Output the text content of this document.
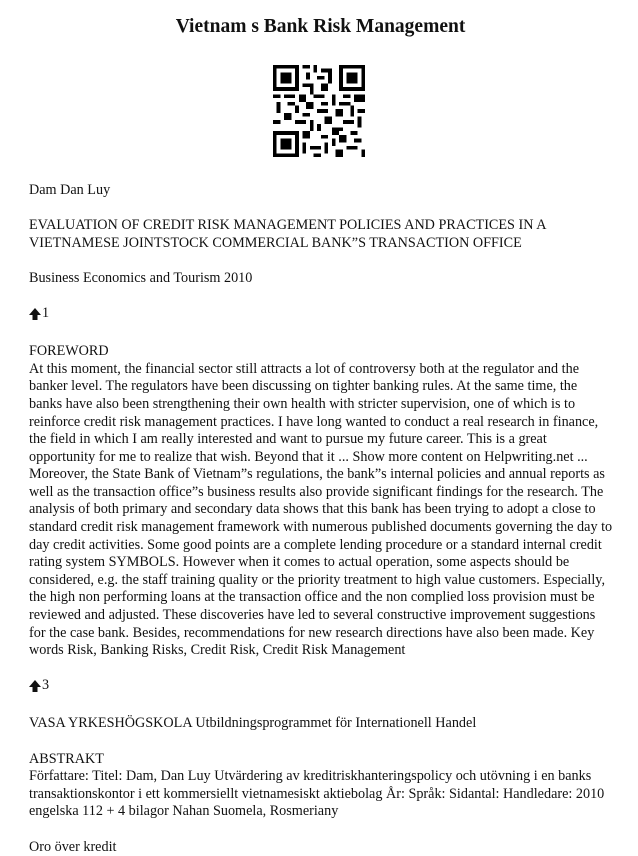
Vietnam s Bank Risk Management

Dam Dan Luy

EVALUATION OF CREDIT RISK MANAGEMENT POLICIES AND PRACTICES IN A VIETNAMESE JOINTSTOCK COMMERCIAL BANK”S TRANSACTION OFFICE

Business Economics and Tourism 2010

1

FOREWORD

At this moment, the financial sector still attracts a lot of controversy both at the regulator and the banker level. The regulators have been discussing on tighter banking rules. At the same time, the banks have also been strengthening their own health with stricter supervision, one of which is to reinforce credit risk management practices. I have long wanted to conduct a real research in finance, the field in which I am really interested and want to pursue my future career. This is a great opportunity for me to realize that wish. Beyond that it ... Show more content on Helpwriting.net ... Moreover, the State Bank of Vietnam”s regulations, the bank”s internal policies and annual reports as well as the transaction office”s business results also provide significant findings for the research. The analysis of both primary and secondary data shows that this bank has been trying to adopt a close to standard credit risk management framework with numerous published documents governing the day to day credit activities. Some good points are a complete lending procedure or a standard internal credit rating system SYMBOLS. However when it comes to actual operation, some aspects should be considered, e.g. the staff training quality or the priority treatment to high value customers. Especially, the high non performing loans at the transaction office and the non complied loss provision must be reviewed and adjusted. These discoveries have led to several constructive improvement suggestions for the case bank. Besides, recommendations for new research directions have also been made. Key words Risk, Banking Risks, Credit Risk, Credit Risk Management

3

VASA YRKESHÖGSKOLA Utbildningsprogrammet för Internationell Handel

ABSTRAKT

Författare: Titel: Dam, Dan Luy Utvärdering av kreditriskhanteringspolicy och utövning i en banks transaktionskontor i ett kommersiellt vietnamesiskt aktiebolag År: Språk: Sidantal: Handledare: 2010 engelska 112 + 4 bilagor Nahan Suomela, Rosmeriany

Oro över kredit
